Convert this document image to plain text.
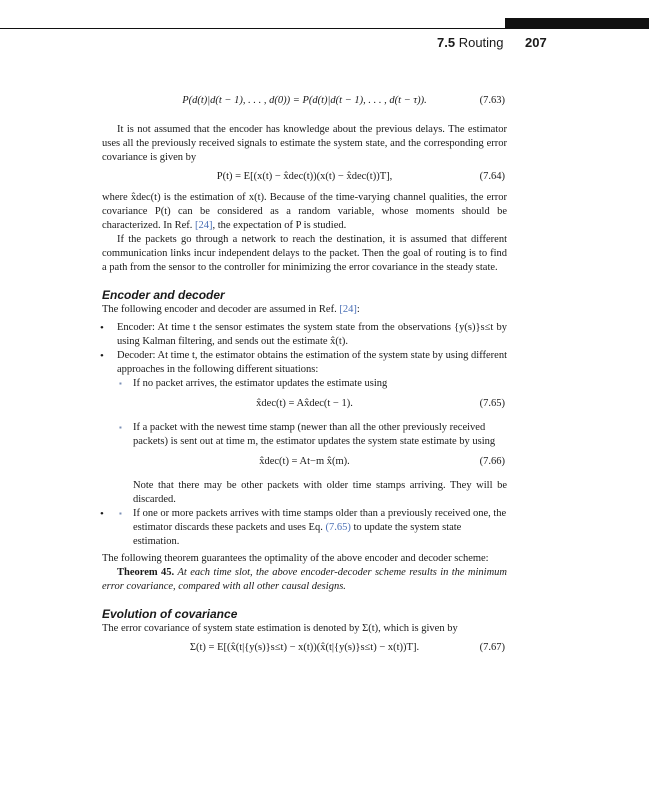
7.5 Routing 207
P(d(t)|d(t − 1), . . . , d(0)) = P(d(t)|d(t − 1), . . . , d(t − τ)).	(7.63)

It is not assumed that the encoder has knowledge about the previous delays. The estimator uses all the previously received signals to estimate the system state, and the corresponding error covariance is given by

P(t) = E[(x(t) − x̂dec(t))(x(t) − x̂dec(t))T],	(7.64)

where x̂dec(t) is the estimation of x(t). Because of the time-varying channel qualities, the error covariance P(t) can be considered as a random variable, whose moments should be characterized. In Ref. [24], the expectation of P is studied.

If the packets go through a network to reach the destination, it is assumed that different communication links incur independent delays to the packet. Then the goal of routing is to find a path from the sensor to the controller for minimizing the error covariance in the steady state.

Encoder and decoder

The following encoder and decoder are assumed in Ref. [24]:

• Encoder: At time t the sensor estimates the system state from the observations {y(s)}s≤t by using Kalman filtering, and sends out the estimate x̂(t).
• Decoder: At time t, the estimator obtains the estimation of the system state by using different approaches in the following different situations:
▪ If no packet arrives, the estimator updates the estimate using
x̂dec(t) = Ax̂dec(t − 1).	(7.65)
▪ If a packet with the newest time stamp (newer than all the other previously received packets) is sent out at time m, the estimator updates the system state estimate by using
x̂dec(t) = At−m x̂(m).	(7.66)

Note that there may be other packets with older time stamps arriving. They will be discarded.

▪ • If one or more packets arrives with time stamps older than a previously received one, the estimator discards these packets and uses Eq. (7.65) to update the system state estimation.

The following theorem guarantees the optimality of the above encoder and decoder scheme:

Theorem 45. At each time slot, the above encoder-decoder scheme results in the minimum error covariance, compared with all other causal designs.

Evolution of covariance

The error covariance of system state estimation is denoted by Σ(t), which is given by

Σ(t) = E[(x̂(t|{y(s)}s≤t) − x(t))(x̂(t|{y(s)}s≤t) − x(t))T].	(7.67)
